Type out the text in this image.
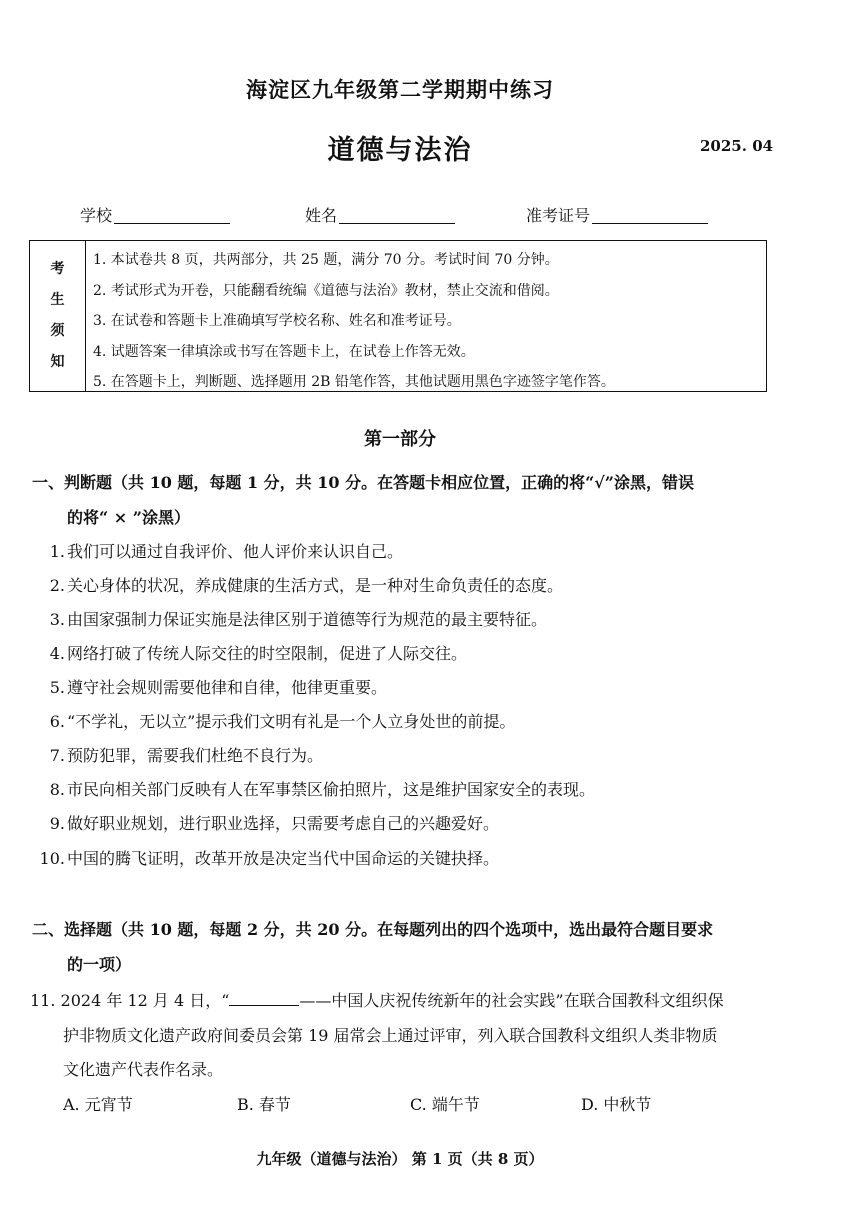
海淀区九年级第二学期期中练习
道德与法治	2025. 04
学校	姓名	准考证号
考
生
须
知
1. 本试卷共 8 页，共两部分，共 25 题，满分 70 分。考试时间 70 分钟。
2. 考试形式为开卷，只能翻看统编《道德与法治》教材，禁止交流和借阅。
3. 在试卷和答题卡上准确填写学校名称、姓名和准考证号。
4. 试题答案一律填涂或书写在答题卡上，在试卷上作答无效。
5. 在答题卡上，判断题、选择题用 2B 铅笔作答，其他试题用黑色字迹签字笔作答。
第一部分
一、判断题（共 10 题，每题 1 分，共 10 分。在答题卡相应位置，正确的将“√”涂黑，错误
的将“ × ”涂黑）
1. 我们可以通过自我评价、他人评价来认识自己。
2. 关心身体的状况，养成健康的生活方式，是一种对生命负责任的态度。
3. 由国家强制力保证实施是法律区别于道德等行为规范的最主要特征。
4. 网络打破了传统人际交往的时空限制，促进了人际交往。
5. 遵守社会规则需要他律和自律，他律更重要。
6. “不学礼，无以立”提示我们文明有礼是一个人立身处世的前提。
7. 预防犯罪，需要我们杜绝不良行为。
8. 市民向相关部门反映有人在军事禁区偷拍照片，这是维护国家安全的表现。
9. 做好职业规划，进行职业选择，只需要考虑自己的兴趣爱好。
10. 中国的腾飞证明，改革开放是决定当代中国命运的关键抉择。
二、选择题（共 10 题，每题 2 分，共 20 分。在每题列出的四个选项中，选出最符合题目要求
的一项）
11. 2024 年 12 月 4 日，“	——中国人庆祝传统新年的社会实践”在联合国教科文组织保
护非物质文化遗产政府间委员会第 19 届常会上通过评审，列入联合国教科文组织人类非物质
文化遗产代表作名录。
A. 元宵节	B. 春节	C. 端午节	D. 中秋节
九年级（道德与法治） 第 1 页（共 8 页）
